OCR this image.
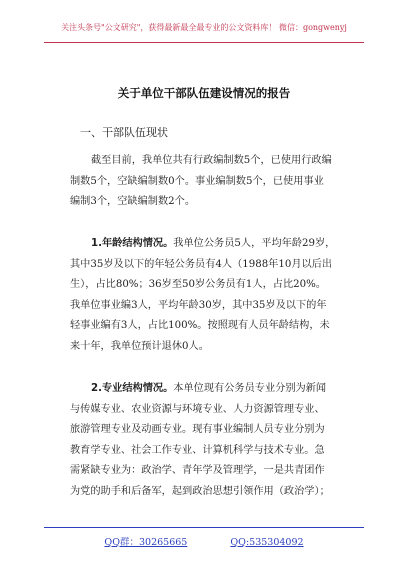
关注头条号"公文研究"，获得最新最全最专业的公文资料库！ 微信：gongwenyj
关于单位干部队伍建设情况的报告
一、干部队伍现状
截至目前，我单位共有行政编制数5个，已使用行政编
制数5个，空缺编制数0个。事业编制数5个，已使用事业
编制3个，空缺编制数2个。
1.年龄结构情况。我单位公务员5人，平均年龄29岁，
其中35岁及以下的年轻公务员有4人（1988年10月以后出
生），占比80%；36岁至50岁公务员有1人，占比20%。
我单位事业编3人，平均年龄30岁，其中35岁及以下的年
轻事业编有3人，占比100%。按照现有人员年龄结构，未
来十年，我单位预计退休0人。
2.专业结构情况。本单位现有公务员专业分别为新闻
与传媒专业、农业资源与环境专业、人力资源管理专业、
旅游管理专业及动画专业。现有事业编制人员专业分别为
教育学专业、社会工作专业、计算机科学与技术专业。急
需紧缺专业为：政治学、青年学及管理学，一是共青团作
为党的助手和后备军，起到政治思想引领作用（政治学）；
QQ群：30265665	QQ:535304092
